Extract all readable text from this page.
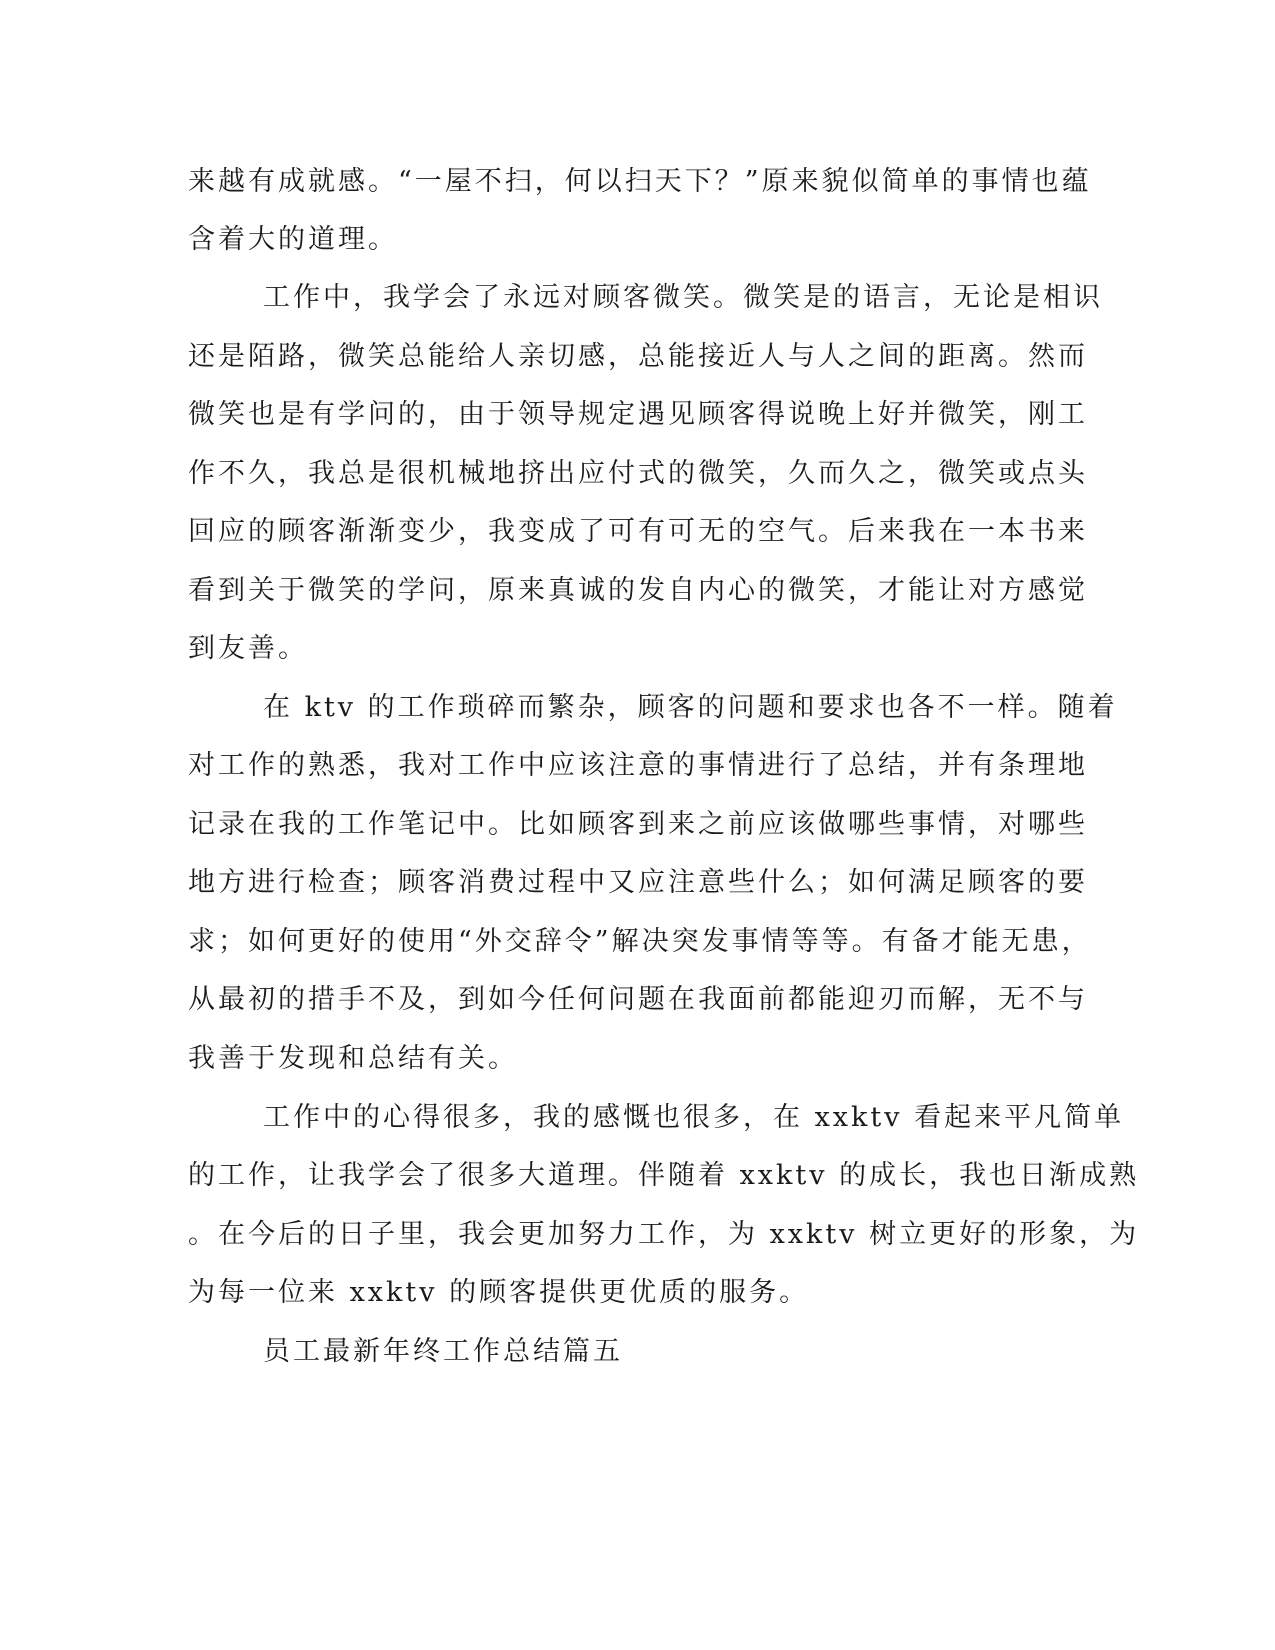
来越有成就感。“一屋不扫，何以扫天下？”原来貌似简单的事情也蕴
含着大的道理。
工作中，我学会了永远对顾客微笑。微笑是的语言，无论是相识
还是陌路，微笑总能给人亲切感，总能接近人与人之间的距离。然而
微笑也是有学问的，由于领导规定遇见顾客得说晚上好并微笑，刚工
作不久，我总是很机械地挤出应付式的微笑，久而久之，微笑或点头
回应的顾客渐渐变少，我变成了可有可无的空气。后来我在一本书来
看到关于微笑的学问，原来真诚的发自内心的微笑，才能让对方感觉
到友善。
在 ktv 的工作琐碎而繁杂，顾客的问题和要求也各不一样。随着
对工作的熟悉，我对工作中应该注意的事情进行了总结，并有条理地
记录在我的工作笔记中。比如顾客到来之前应该做哪些事情，对哪些
地方进行检查；顾客消费过程中又应注意些什么；如何满足顾客的要
求；如何更好的使用“外交辞令”解决突发事情等等。有备才能无患，
从最初的措手不及，到如今任何问题在我面前都能迎刃而解，无不与
我善于发现和总结有关。
工作中的心得很多，我的感慨也很多，在 xxktv 看起来平凡简单
的工作，让我学会了很多大道理。伴随着 xxktv 的成长，我也日渐成熟
。在今后的日子里，我会更加努力工作，为 xxktv 树立更好的形象，为
为每一位来 xxktv 的顾客提供更优质的服务。
员工最新年终工作总结篇五
